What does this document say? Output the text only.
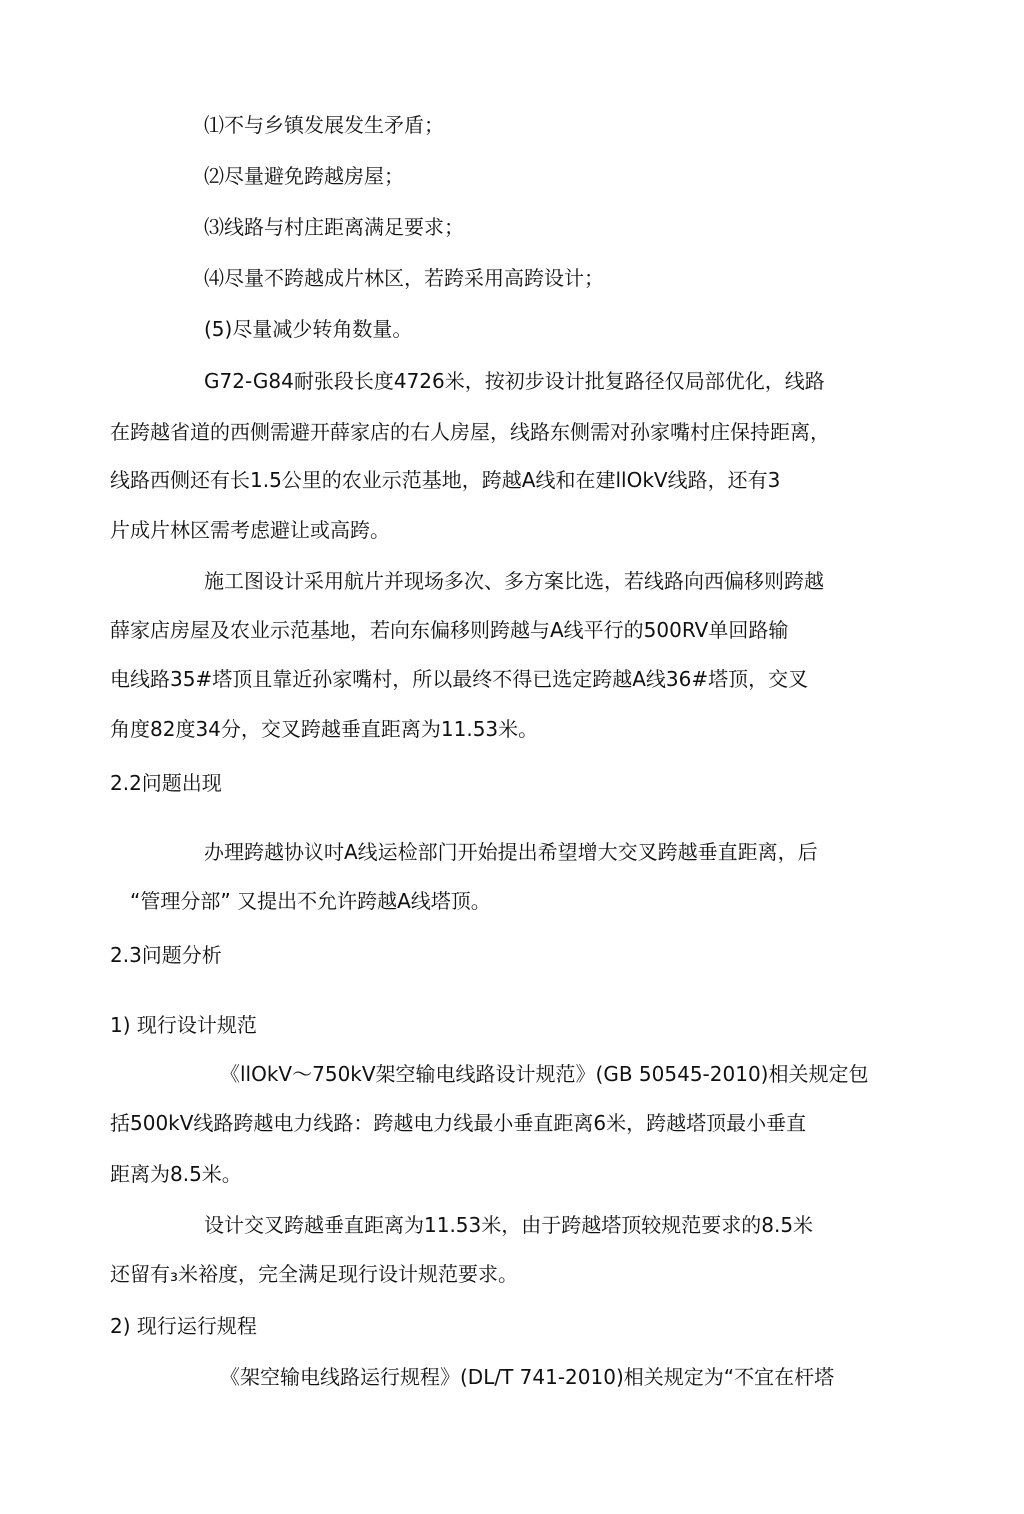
⑴不与乡镇发展发生矛盾；
⑵尽量避免跨越房屋；
⑶线路与村庄距离满足要求；
⑷尽量不跨越成片林区，若跨采用高跨设计；
(5)尽量减少转角数量。
G72-G84耐张段长度4726米，按初步设计批复路径仅局部优化，线路
在跨越省道的西侧需避开薛家店的右人房屋，线路东侧需对孙家嘴村庄保持距离，
线路西侧还有长1.5公里的农业示范基地，跨越A线和在建llOkV线路，还有3
片成片林区需考虑避让或高跨。
施工图设计采用航片并现场多次、多方案比选，若线路向西偏移则跨越
薛家店房屋及农业示范基地，若向东偏移则跨越与A线平行的500RV单回路输
电线路35#塔顶且靠近孙家嘴村，所以最终不得已选定跨越A线36#塔顶，交叉
角度82度34分，交叉跨越垂直距离为11.53米。
2.2问题出现
办理跨越协议吋A线运检部门开始提出希望增大交叉跨越垂直距离，后
“管理分部” 又提出不允许跨越A线塔顶。
2.3问题分析
1) 现行设计规范
《llOkV～750kV架空输电线路设计规范》(GB 50545-2010)相关规定包
括500kV线路跨越电力线路：跨越电力线最小垂直距离6米，跨越塔顶最小垂直
距离为8.5米。
设计交叉跨越垂直距离为11.53米，由于跨越塔顶较规范要求的8.5米
还留有₃米裕度，完全满足现行设计规范要求。
2) 现行运行规程
《架空输电线路运行规程》(DL/T 741-2010)相关规定为“不宜在杆塔
